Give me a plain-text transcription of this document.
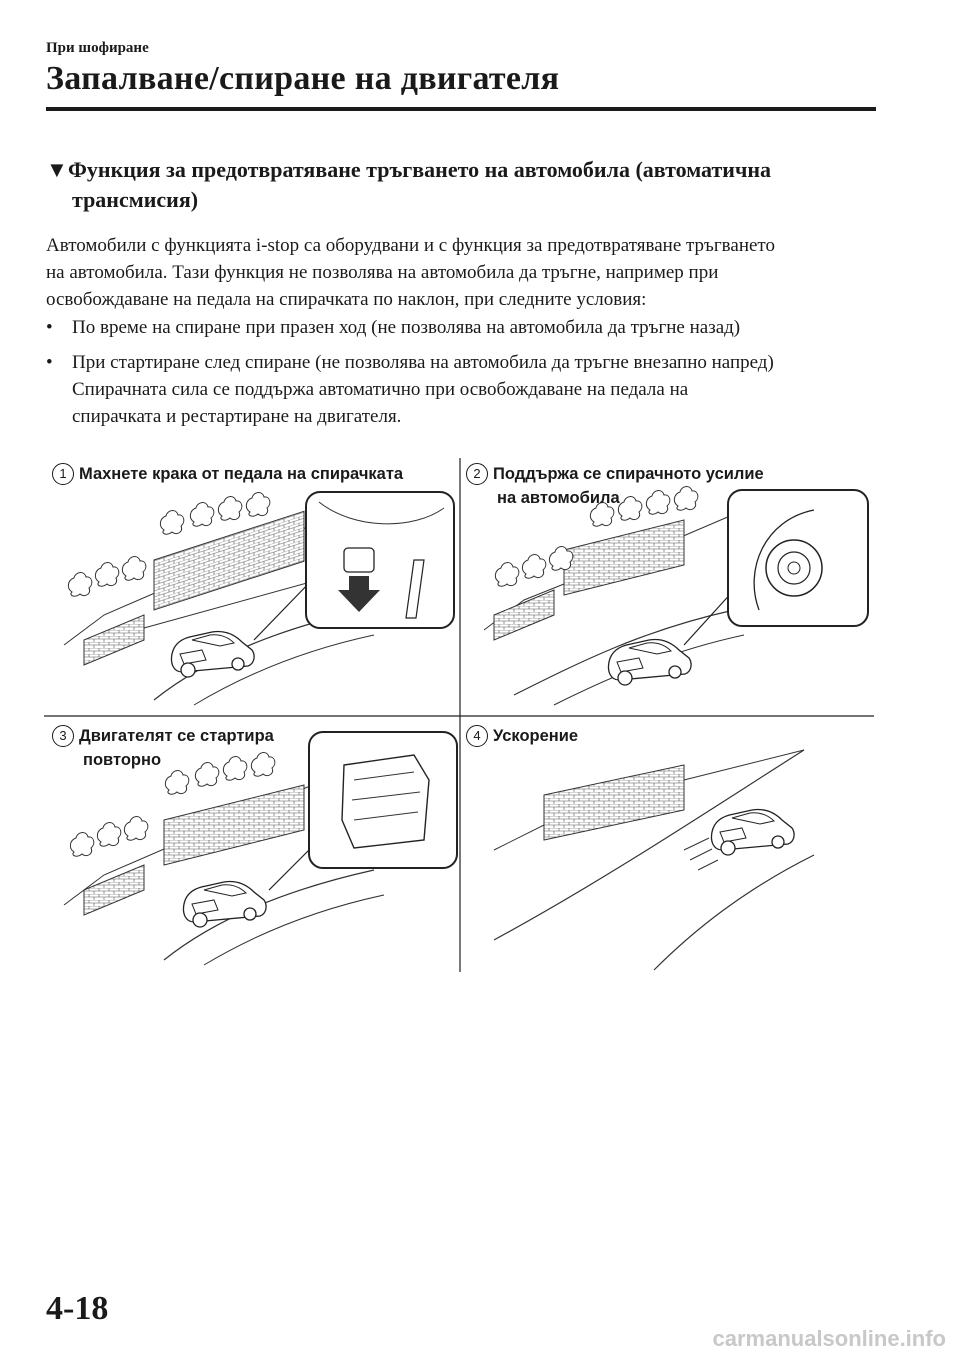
При шофиране
Запалване/спиране на двигателя
▼Функция за предотвратяване тръгването на автомобила (автоматична
трансмисия)
Автомобили с функцията i-stop са оборудвани и с функция за предотвратяване тръгването
на автомобила. Тази функция не позволява на автомобила да тръгне, например при
освобождаване на педала на спирачката по наклон, при следните условия:
•	По време на спиране при празен ход (не позволява на автомобила да тръгне назад)
•	При стартиране след спиране (не позволява на автомобила да тръгне внезапно напред)
Спирачната сила се поддържа автоматично при освобождаване на педала на
спирачката и рестартиране на двигателя.
1 Махнете крака от педала на спирачката	2 Поддържа се спирачното усилие
на автомобила
3 Двигателят се стартира
повторно
4 Ускорение
4-18
carmanualsonline.info
